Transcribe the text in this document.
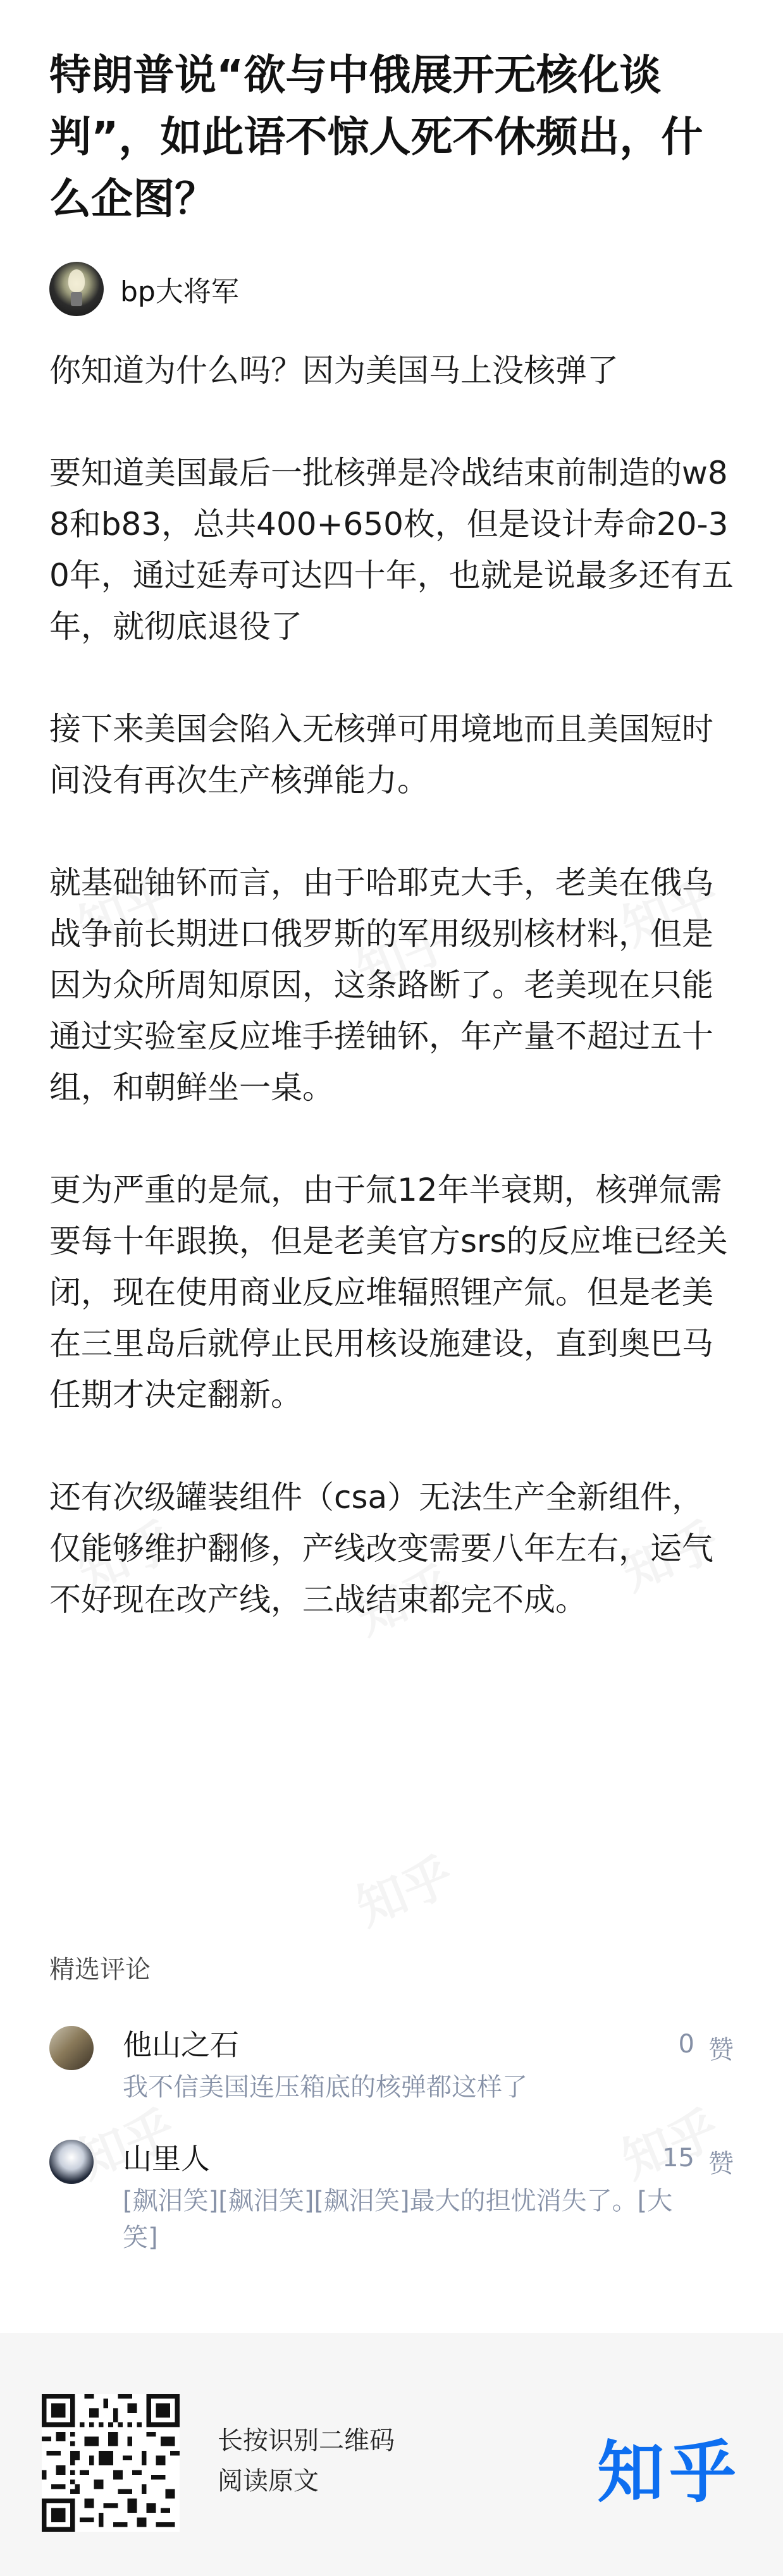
特朗普说“欲与中俄展开无核化谈判”，如此语不惊人死不休频出，什么企图？
bp大将军

你知道为什么吗？因为美国马上没核弹了

要知道美国最后一批核弹是冷战结束前制造的w88和b83，总共400+650枚，但是设计寿命20-30年，通过延寿可达四十年，也就是说最多还有五年，就彻底退役了

接下来美国会陷入无核弹可用境地而且美国短时间没有再次生产核弹能力。

就基础铀钚而言，由于哈耶克大手，老美在俄乌战争前长期进口俄罗斯的军用级别核材料，但是因为众所周知原因，这条路断了。老美现在只能通过实验室反应堆手搓铀钚，年产量不超过五十组，和朝鲜坐一桌。

更为严重的是氚，由于氚12年半衰期，核弹氚需要每十年跟换，但是老美官方srs的反应堆已经关闭，现在使用商业反应堆辐照锂产氚。但是老美在三里岛后就停止民用核设施建设，直到奥巴马任期才决定翻新。

还有次级罐装组件（csa）无法生产全新组件，仅能够维护翻修，产线改变需要八年左右，运气不好现在改产线，三战结束都完不成。

精选评论
他山之石
我不信美国连压箱底的核弹都这样了
0 赞
山里人
[飙泪笑][飙泪笑][飙泪笑]最大的担忧消失了。[大笑]
15 赞
长按识别二维码
阅读原文	知乎
